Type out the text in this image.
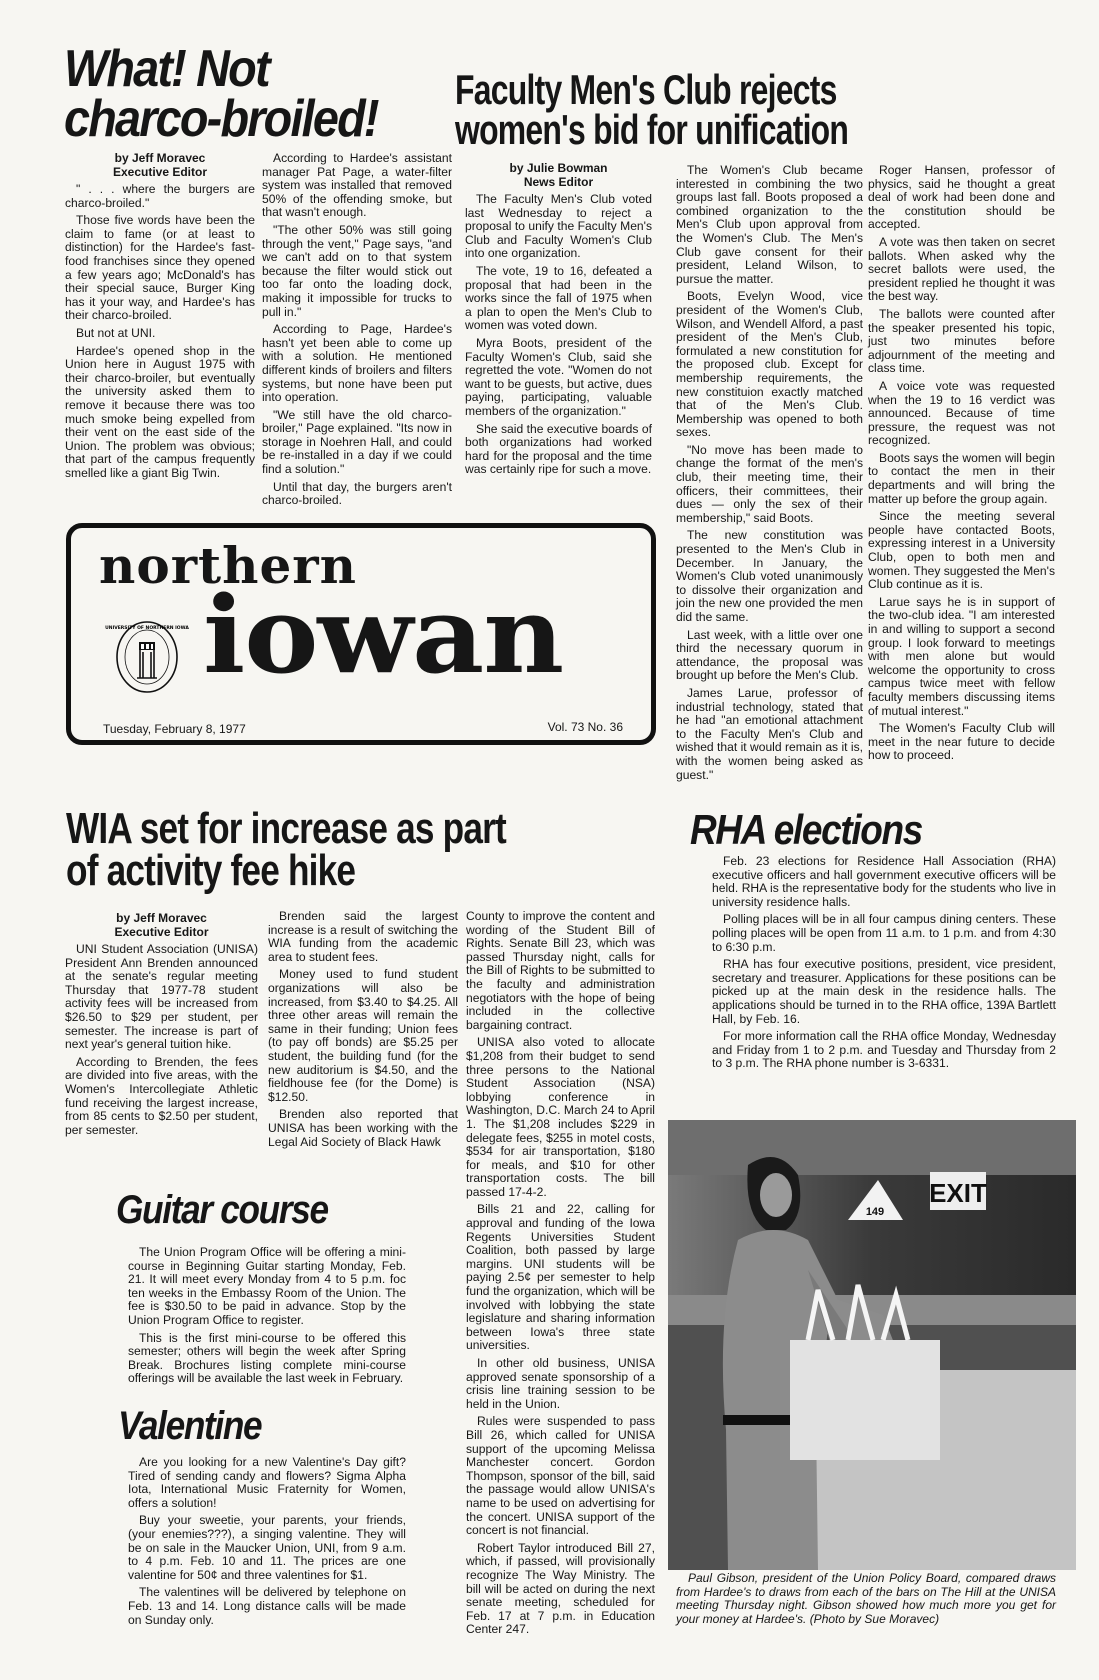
What! Not
charco-broiled!
by Jeff Moravec
Executive Editor

" . . . where the burgers are charco-broiled."

Those five words have been the claim to fame (or at least to distinction) for the Hardee's fast-food franchises since they opened a few years ago; McDonald's has their special sauce, Burger King has it your way, and Hardee's has their charco-broiled.

But not at UNI.

Hardee's opened shop in the Union here in August 1975 with their charco-broiler, but eventually the university asked them to remove it because there was too much smoke being expelled from their vent on the east side of the Union. The problem was obvious; that part of the campus frequently smelled like a giant Big Twin.

According to Hardee's assistant manager Pat Page, a water-filter system was installed that removed 50% of the offending smoke, but that wasn't enough.

"The other 50% was still going through the vent," Page says, "and we can't add on to that system because the filter would stick out too far onto the loading dock, making it impossible for trucks to pull in."

According to Page, Hardee's hasn't yet been able to come up with a solution. He mentioned different kinds of broilers and filters systems, but none have been put into operation.

"We still have the old charco-broiler," Page explained. "Its now in storage in Noehren Hall, and could be re-installed in a day if we could find a solution."

Until that day, the burgers aren't charco-broiled.

Faculty Men's Club rejects
women's bid for unification
by Julie Bowman
News Editor

The Faculty Men's Club voted last Wednesday to reject a proposal to unify the Faculty Men's Club and Faculty Women's Club into one organization.

The vote, 19 to 16, defeated a proposal that had been in the works since the fall of 1975 when a plan to open the Men's Club to women was voted down.

Myra Boots, president of the Faculty Women's Club, said she regretted the vote. "Women do not want to be guests, but active, dues paying, participating, valuable members of the organization."

She said the executive boards of both organizations had worked hard for the proposal and the time was certainly ripe for such a move.

The Women's Club became interested in combining the two groups last fall. Boots proposed a combined organization to the Men's Club upon approval from the Women's Club. The Men's Club gave consent for their president, Leland Wilson, to pursue the matter.

Boots, Evelyn Wood, vice president of the Women's Club, Wilson, and Wendell Alford, a past president of the Men's Club, formulated a new constitution for the proposed club. Except for membership requirements, the new constituion exactly matched that of the Men's Club. Membership was opened to both sexes.

"No move has been made to change the format of the men's club, their meeting time, their officers, their committees, their dues — only the sex of their membership," said Boots.

The new constitution was presented to the Men's Club in December. In January, the Women's Club voted unanimously to dissolve their organization and join the new one provided the men did the same.

Last week, with a little over one third the necessary quorum in attendance, the proposal was brought up before the Men's Club.

James Larue, professor of industrial technology, stated that he had "an emotional attachment to the Faculty Men's Club and wished that it would remain as it is, with the women being asked as guest."

Roger Hansen, professor of physics, said he thought a great deal of work had been done and the constitution should be accepted.

A vote was then taken on secret ballots. When asked why the secret ballots were used, the president replied he thought it was the best way.

The ballots were counted after the speaker presented his topic, just two minutes before adjournment of the meeting and class time.

A voice vote was requested when the 19 to 16 verdict was announced. Because of time pressure, the request was not recognized.

Boots says the women will begin to contact the men in their departments and will bring the matter up before the group again.

Since the meeting several people have contacted Boots, expressing interest in a University Club, open to both men and women. They suggested the Men's Club continue as it is.

Larue says he is in support of the two-club idea. "I am interested in and willing to support a second group. I look forward to meetings with men alone but would welcome the opportunity to cross campus twice meet with fellow faculty members discussing items of mutual interest."

The Women's Faculty Club will meet in the near future to decide how to proceed.

northern
iowan
UNIVERSITY OF NORTHERN IOWA
Tuesday, February 8, 1977	Vol. 73 No. 36
WIA set for increase as part
of activity fee hike
by Jeff Moravec
Executive Editor

UNI Student Association (UNISA) President Ann Brenden announced at the senate's regular meeting Thursday that 1977-78 student activity fees will be increased from $26.50 to $29 per student, per semester. The increase is part of next year's general tuition hike.

According to Brenden, the fees are divided into five areas, with the Women's Intercollegiate Athletic fund receiving the largest increase, from 85 cents to $2.50 per student, per semester.

Brenden said the largest increase is a result of switching the WIA funding from the academic area to student fees.

Money used to fund student organizations will also be increased, from $3.40 to $4.25. All three other areas will remain the same in their funding; Union fees (to pay off bonds) are $5.25 per student, the building fund (for the new auditorium is $4.50, and the fieldhouse fee (for the Dome) is $12.50.

Brenden also reported that UNISA has been working with the Legal Aid Society of Black Hawk

County to improve the content and wording of the Student Bill of Rights. Senate Bill 23, which was passed Thursday night, calls for the Bill of Rights to be submitted to the faculty and administration negotiators with the hope of being included in the collective bargaining contract.

UNISA also voted to allocate $1,208 from their budget to send three persons to the National Student Association (NSA) lobbying conference in Washington, D.C. March 24 to April 1. The $1,208 includes $229 in delegate fees, $255 in motel costs, $534 for air transportation, $180 for meals, and $10 for other transportation costs. The bill passed 17-4-2.

Bills 21 and 22, calling for approval and funding of the Iowa Regents Universities Student Coalition, both passed by large margins. UNI students will be paying 2.5¢ per semester to help fund the organization, which will be involved with lobbying the state legislature and sharing information between Iowa's three state universities.

In other old business, UNISA approved senate sponsorship of a crisis line training session to be held in the Union.

Rules were suspended to pass Bill 26, which called for UNISA support of the upcoming Melissa Manchester concert. Gordon Thompson, sponsor of the bill, said the passage would allow UNISA's name to be used on advertising for the concert. UNISA support of the concert is not financial.

Robert Taylor introduced Bill 27, which, if passed, will provisionally recognize The Way Ministry. The bill will be acted on during the next senate meeting, scheduled for Feb. 17 at 7 p.m. in Education Center 247.

RHA elections

Feb. 23 elections for Residence Hall Association (RHA) executive officers and hall government executive officers will be held. RHA is the representative body for the students who live in university residence halls.

Polling places will be in all four campus dining centers. These polling places will be open from 11 a.m. to 1 p.m. and from 4:30 to 6:30 p.m.

RHA has four executive positions, president, vice president, secretary and treasurer. Applications for these positions can be picked up at the main desk in the residence halls. The applications should be turned in to the RHA office, 139A Bartlett Hall, by Feb. 16.

For more information call the RHA office Monday, Wednesday and Friday from 1 to 2 p.m. and Tuesday and Thursday from 2 to 3 p.m. The RHA phone number is 3-6331.

EXIT
149
Paul Gibson, president of the Union Policy Board, compared draws from Hardee's to draws from each of the bars on The Hill at the UNISA meeting Thursday night. Gibson showed how much more you get for your money at Hardee's. (Photo by Sue Moravec)
Guitar course

The Union Program Office will be offering a mini-course in Beginning Guitar starting Monday, Feb. 21. It will meet every Monday from 4 to 5 p.m. foc ten weeks in the Embassy Room of the Union. The fee is $30.50 to be paid in advance. Stop by the Union Program Office to register.

This is the first mini-course to be offered this semester; others will begin the week after Spring Break. Brochures listing complete mini-course offerings will be available the last week in February.

Valentine

Are you looking for a new Valentine's Day gift? Tired of sending candy and flowers? Sigma Alpha Iota, International Music Fraternity for Women, offers a solution!

Buy your sweetie, your parents, your friends, (your enemies???), a singing valentine. They will be on sale in the Maucker Union, UNI, from 9 a.m. to 4 p.m. Feb. 10 and 11. The prices are one valentine for 50¢ and three valentines for $1.

The valentines will be delivered by telephone on Feb. 13 and 14. Long distance calls will be made on Sunday only.
